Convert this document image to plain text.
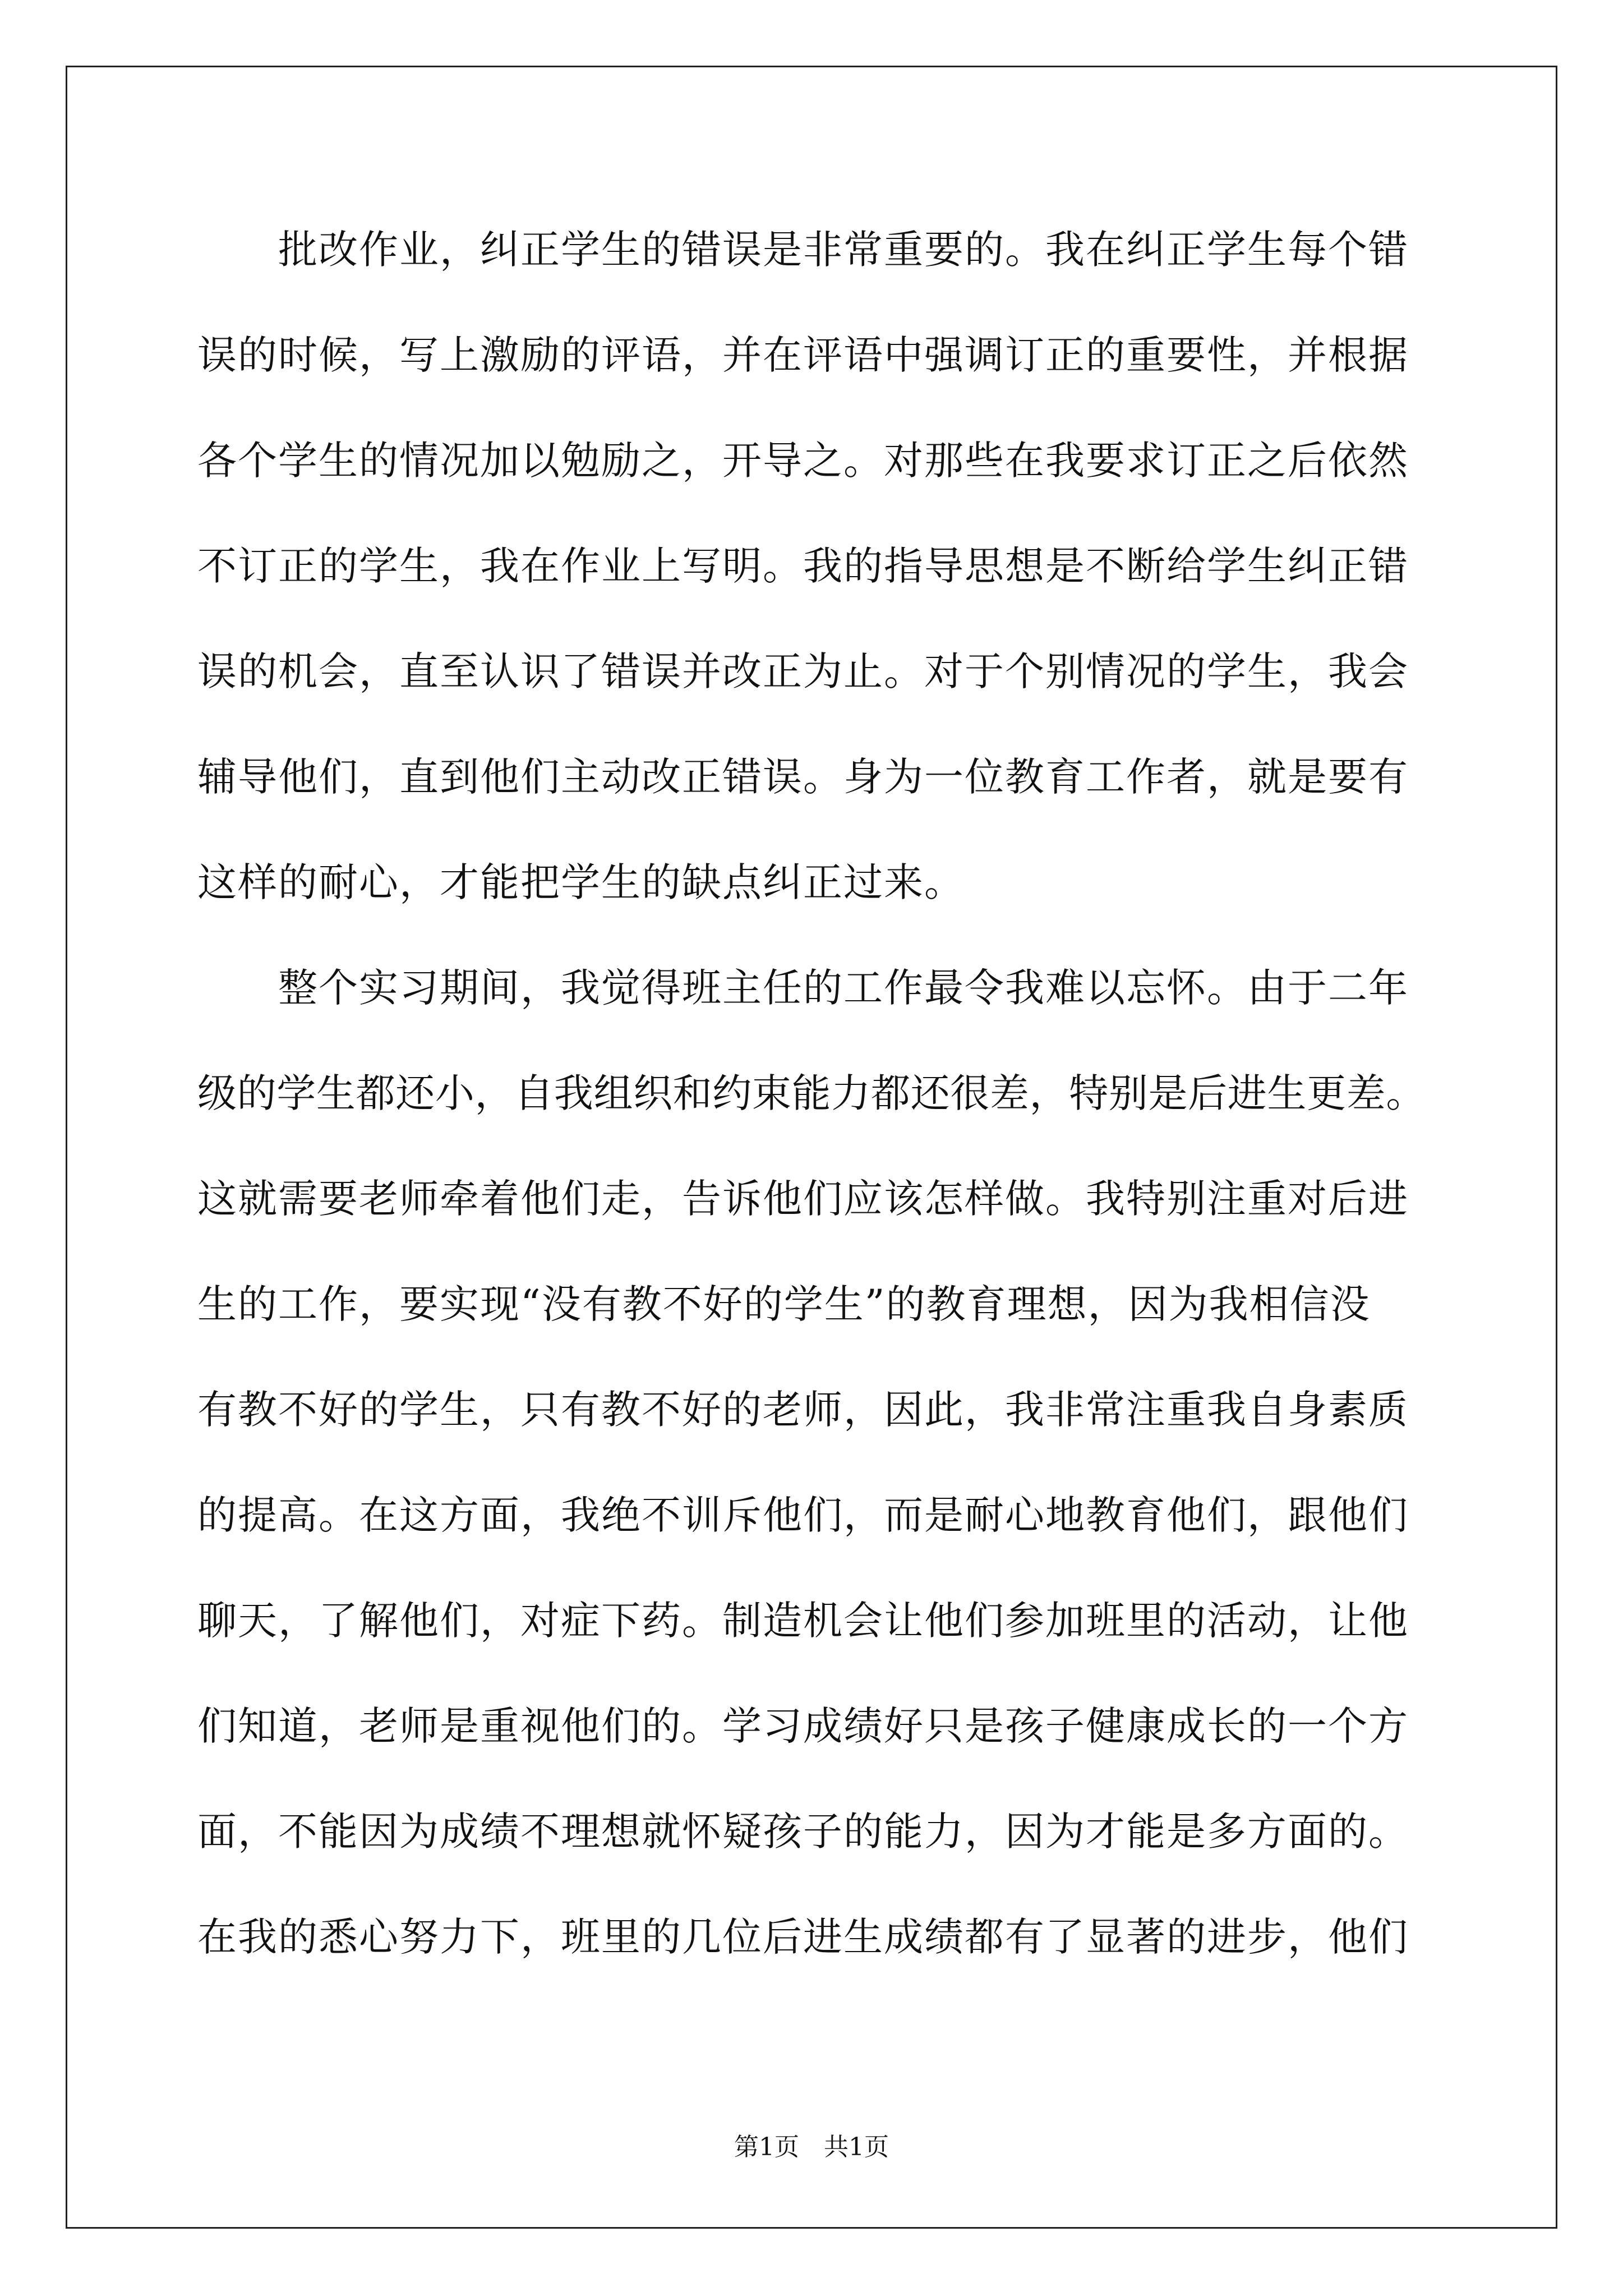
　　批改作业，纠正学生的错误是非常重要的。我在纠正学生每个错
误的时候，写上激励的评语，并在评语中强调订正的重要性，并根据
各个学生的情况加以勉励之，开导之。对那些在我要求订正之后依然
不订正的学生，我在作业上写明。我的指导思想是不断给学生纠正错
误的机会，直至认识了错误并改正为止。对于个别情况的学生，我会
辅导他们，直到他们主动改正错误。身为一位教育工作者，就是要有
这样的耐心，才能把学生的缺点纠正过来。
　　整个实习期间，我觉得班主任的工作最令我难以忘怀。由于二年
级的学生都还小，自我组织和约束能力都还很差，特别是后进生更差。
这就需要老师牵着他们走，告诉他们应该怎样做。我特别注重对后进
生的工作，要实现“没有教不好的学生”的教育理想，因为我相信没
有教不好的学生，只有教不好的老师，因此，我非常注重我自身素质
的提高。在这方面，我绝不训斥他们，而是耐心地教育他们，跟他们
聊天，了解他们，对症下药。制造机会让他们参加班里的活动，让他
们知道，老师是重视他们的。学习成绩好只是孩子健康成长的一个方
面，不能因为成绩不理想就怀疑孩子的能力，因为才能是多方面的。
在我的悉心努力下，班里的几位后进生成绩都有了显著的进步，他们
第1页　共1页
